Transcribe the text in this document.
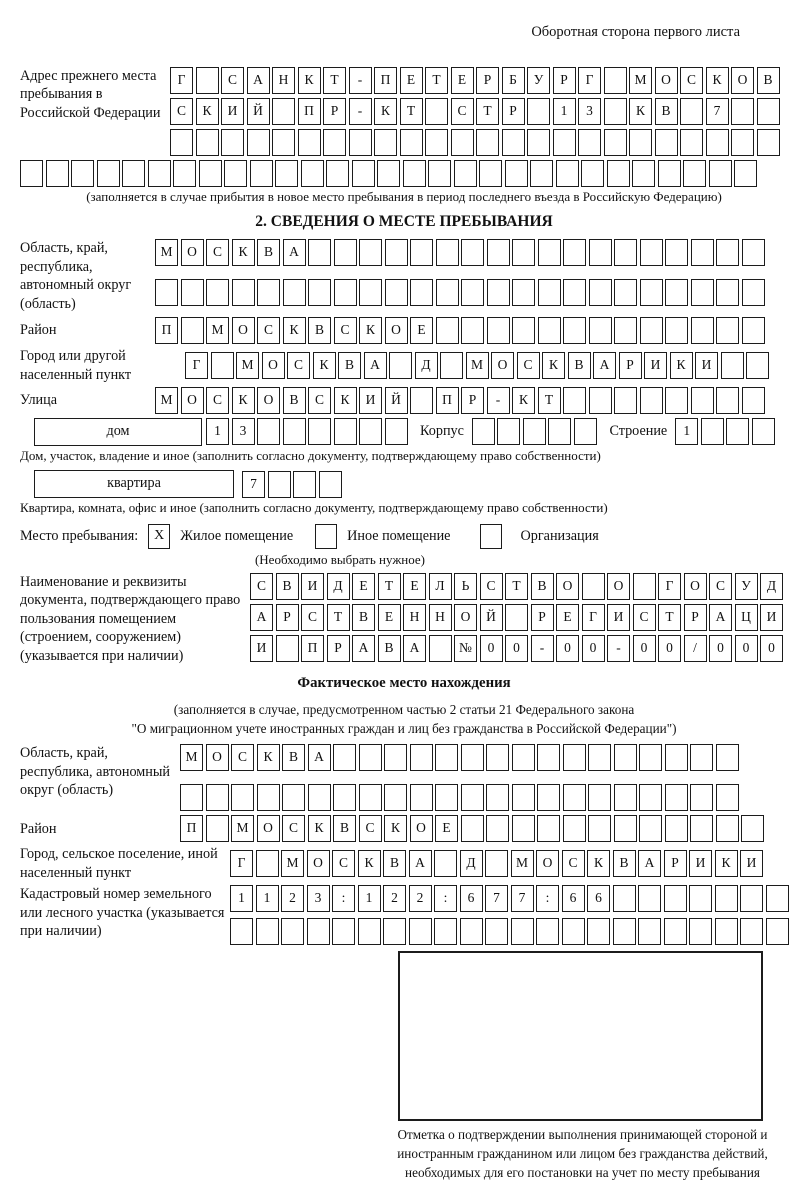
Оборотная сторона первого листа
Адрес прежнего места пребывания в Российской Федерации
Г	С А Н К Т - П Е Т Е Р Б У Р Г	М О С К О В
С К И Й	П Р - К Т	С Т Р	1 3	К В	7
(заполняется в случае прибытия в новое место пребывания в период последнего въезда в Российскую Федерацию)
2. СВЕДЕНИЯ О МЕСТЕ ПРЕБЫВАНИЯ
Область, край, республика, автономный округ (область)
М О С К В А
Район	П	М О С К В С К О Е
Город или другой населенный пункт
Г	М О С К В А	Д	М О С К В А Р И К И
Улица	М О С К О В С К И Й	П Р - К Т
дом	1 3	Корпус	Строение	1
Дом, участок, владение и иное (заполнить согласно документу, подтверждающему право собственности)
квартира	7
Квартира, комната, офис и иное (заполнить согласно документу, подтверждающему право собственности)
Место пребывания:	X	Жилое помещение	Иное помещение	Организация
(Необходимо выбрать нужное)
Наименование и реквизиты документа, подтверждающего право пользования помещением (строением, сооружением) (указывается при наличии)
С В И Д Е Т Е Л Ь С Т В О	О	Г О С У Д
А Р С Т В Е Н Н О Й	Р Е Г И С Т Р А Ц И
И	П Р А В А	№ 0 0 - 0 0 - 0 0 / 0 0 0
Фактическое место нахождения
(заполняется в случае, предусмотренном частью 2 статьи 21 Федерального закона
"О миграционном учете иностранных граждан и лиц без гражданства в Российской Федерации")
Область, край, республика, автономный округ (область)
М О С К В А
Район	П	М О С К В С К О Е
Город, сельское поселение, иной населенный пункт
Г	М О С К В А	Д	М О С К В А Р И К И
Кадастровый номер земельного или лесного участка (указывается при наличии)
1 1 2 3 : 1 2 2 : 6 7 7 : 6 6
Отметка о подтверждении выполнения принимающей стороной и иностранным гражданином или лицом без гражданства действий, необходимых для его постановки на учет по месту пребывания
